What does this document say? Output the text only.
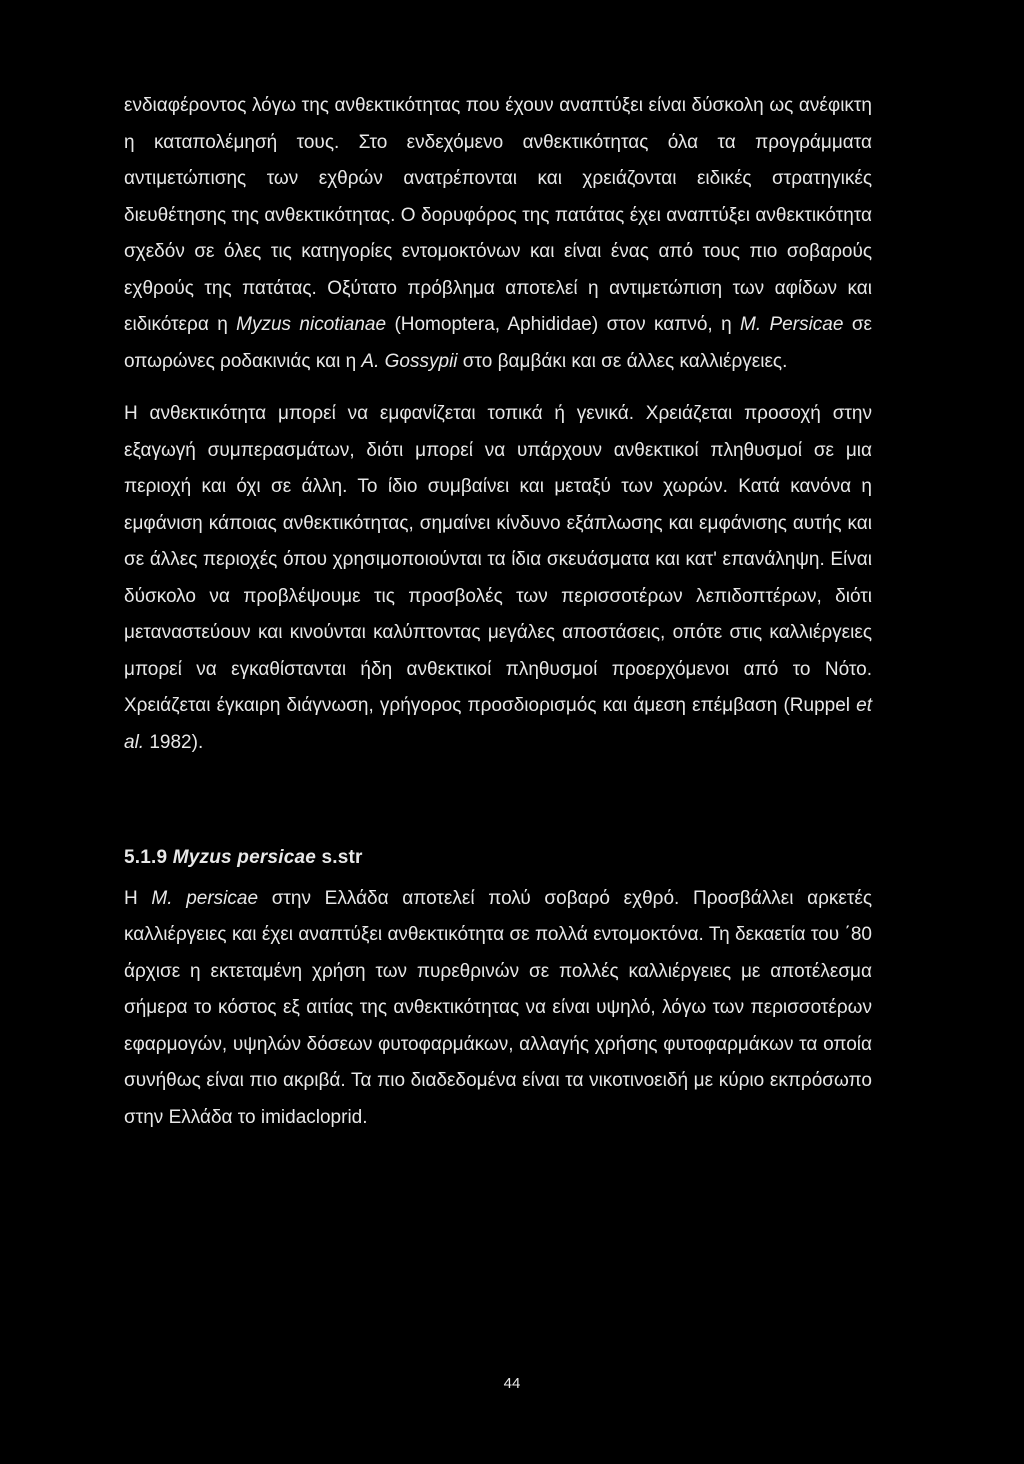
ενδιαφέροντος λόγω της ανθεκτικότητας που έχουν αναπτύξει είναι δύσκολη ως ανέφικτη η καταπολέμησή τους. Στο ενδεχόμενο ανθεκτικότητας όλα τα προγράμματα αντιμετώπισης των εχθρών ανατρέπονται και χρειάζονται ειδικές στρατηγικές διευθέτησης της ανθεκτικότητας. Ο δορυφόρος της πατάτας έχει αναπτύξει ανθεκτικότητα σχεδόν σε όλες τις κατηγορίες εντομοκτόνων και είναι ένας από τους πιο σοβαρούς εχθρούς της πατάτας. Οξύτατο πρόβλημα αποτελεί η αντιμετώπιση των αφίδων και ειδικότερα η Myzus nicotianae (Homoptera, Aphididae) στον καπνό, η M. Persicae σε οπωρώνες ροδακινιάς και η A. Gossypii στο βαμβάκι και σε άλλες καλλιέργειες.

Η ανθεκτικότητα μπορεί να εμφανίζεται τοπικά ή γενικά. Χρειάζεται προσοχή στην εξαγωγή συμπερασμάτων, διότι μπορεί να υπάρχουν ανθεκτικοί πληθυσμοί σε μια περιοχή και όχι σε άλλη. Το ίδιο συμβαίνει και μεταξύ των χωρών. Κατά κανόνα η εμφάνιση κάποιας ανθεκτικότητας, σημαίνει κίνδυνο εξάπλωσης και εμφάνισης αυτής και σε άλλες περιοχές όπου χρησιμοποιούνται τα ίδια σκευάσματα και κατ' επανάληψη. Είναι δύσκολο να προβλέψουμε τις προσβολές των περισσοτέρων λεπιδοπτέρων, διότι μεταναστεύουν και κινούνται καλύπτοντας μεγάλες αποστάσεις, οπότε στις καλλιέργειες μπορεί να εγκαθίστανται ήδη ανθεκτικοί πληθυσμοί προερχόμενοι από το Νότο. Χρειάζεται έγκαιρη διάγνωση, γρήγορος προσδιορισμός και άμεση επέμβαση (Ruppel et al. 1982).

5.1.9 Myzus persicae s.str

Η M. persicae στην Ελλάδα αποτελεί πολύ σοβαρό εχθρό. Προσβάλλει αρκετές καλλιέργειες και έχει αναπτύξει ανθεκτικότητα σε πολλά εντομοκτόνα. Τη δεκαετία του ΄80 άρχισε η εκτεταμένη χρήση των πυρεθρινών σε πολλές καλλιέργειες με αποτέλεσμα σήμερα το κόστος εξ αιτίας της ανθεκτικότητας να είναι υψηλό, λόγω των περισσοτέρων εφαρμογών, υψηλών δόσεων φυτοφαρμάκων, αλλαγής χρήσης φυτοφαρμάκων τα οποία συνήθως είναι πιο ακριβά. Τα πιο διαδεδομένα είναι τα νικοτινοειδή με κύριο εκπρόσωπο στην Ελλάδα το imidacloprid.

44
